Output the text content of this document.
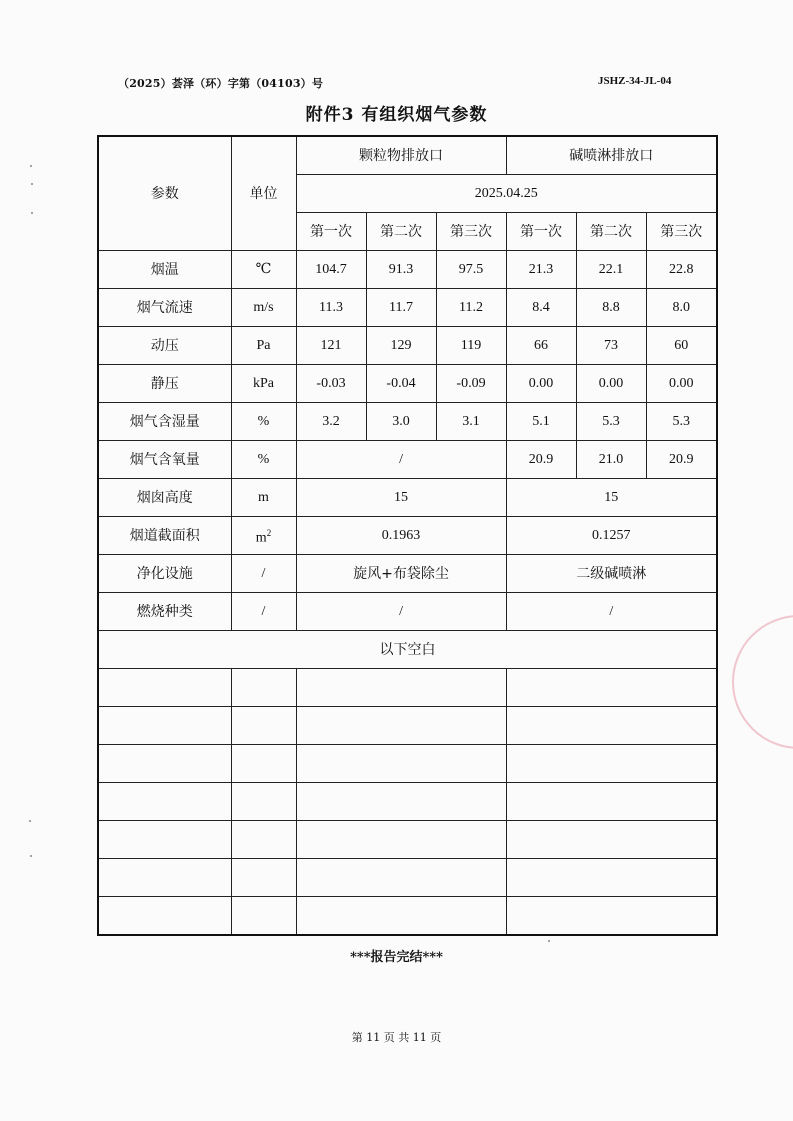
（2025）荟泽（环）字第（04103）号	JSHZ-34-JL-04
附件3 有组织烟气参数
参数	单位	颗粒物排放口			碱喷淋排放口		
		2025.04.25					
		第一次	第二次	第三次	第一次	第二次	第三次
烟温	℃	104.7	91.3	97.5	21.3	22.1	22.8
烟气流速	m/s	11.3	11.7	11.2	8.4	8.8	8.0
动压	Pa	121	129	119	66	73	60
静压	kPa	-0.03	-0.04	-0.09	0.00	0.00	0.00
烟气含湿量	%	3.2	3.0	3.1	5.1	5.3	5.3
烟气含氧量	%	/			20.9	21.0	20.9
烟囱高度	m	15			15		
烟道截面积	$m^2$	0.1963			0.1257		
净化设施	/	旋风+布袋除尘			二级碱喷淋		
燃烧种类	/	/			/		
以下空白							

***报告完结***
第 11 页 共 11 页
